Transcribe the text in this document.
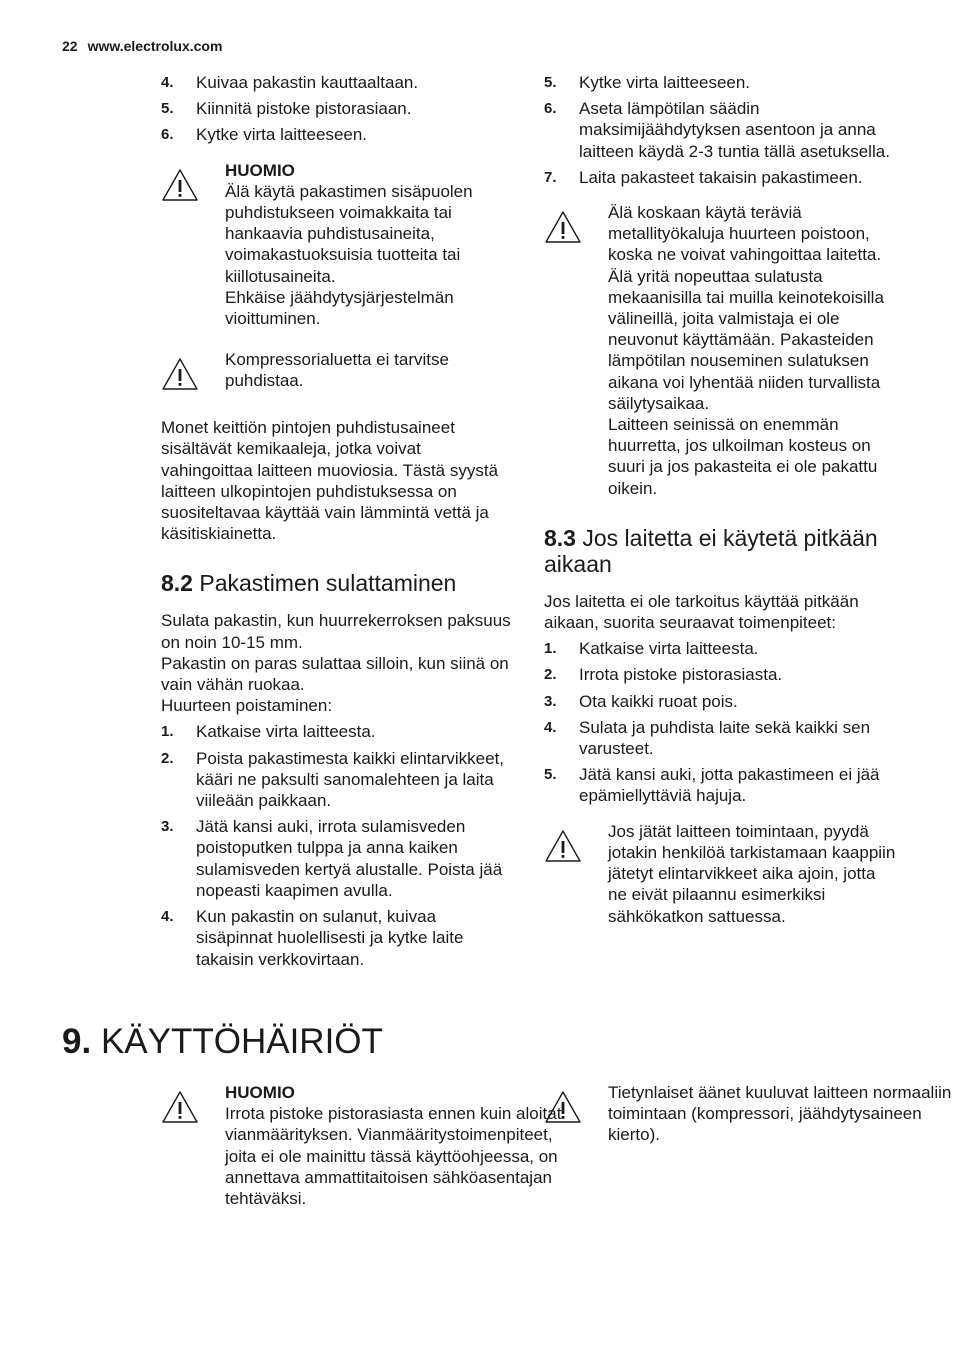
22 www.electrolux.com
4. Kuivaa pakastin kauttaaltaan.
5. Kiinnitä pistoke pistorasiaan.
6. Kytke virta laitteeseen.

HUOMIO

Älä käytä pakastimen sisäpuolen puhdistukseen voimakkaita tai hankaavia puhdistusaineita, voimakastuoksuisia tuotteita tai kiillotusaineita.

Ehkäise jäähdytysjärjestelmän vioittuminen.

Kompressorialuetta ei tarvitse puhdistaa.

Monet keittiön pintojen puhdistusaineet sisältävät kemikaaleja, jotka voivat vahingoittaa laitteen muoviosia. Tästä syystä laitteen ulkopintojen puhdistuksessa on suositeltavaa käyttää vain lämmintä vettä ja käsitiskiainetta.

8.2 Pakastimen sulattaminen

Sulata pakastin, kun huurrekerroksen paksuus on noin 10-15 mm.

Pakastin on paras sulattaa silloin, kun siinä on vain vähän ruokaa.

Huurteen poistaminen:

1. Katkaise virta laitteesta.
2. Poista pakastimesta kaikki elintarvikkeet, kääri ne paksulti sanomalehteen ja laita viileään paikkaan.
3. Jätä kansi auki, irrota sulamisveden poistoputken tulppa ja anna kaiken sulamisveden kertyä alustalle. Poista jää nopeasti kaapimen avulla.
4. Kun pakastin on sulanut, kuivaa sisäpinnat huolellisesti ja kytke laite takaisin verkkovirtaan.
5. Kytke virta laitteeseen.
6. Aseta lämpötilan säädin maksimijäähdytyksen asentoon ja anna laitteen käydä 2-3 tuntia tällä asetuksella.
7. Laita pakasteet takaisin pakastimeen.

Älä koskaan käytä teräviä metallityökaluja huurteen poistoon, koska ne voivat vahingoittaa laitetta. Älä yritä nopeuttaa sulatusta mekaanisilla tai muilla keinotekoisilla välineillä, joita valmistaja ei ole neuvonut käyttämään. Pakasteiden lämpötilan nouseminen sulatuksen aikana voi lyhentää niiden turvallista säilytysaikaa.

Laitteen seinissä on enemmän huurretta, jos ulkoilman kosteus on suuri ja jos pakasteita ei ole pakattu oikein.

8.3 Jos laitetta ei käytetä pitkään aikaan

Jos laitetta ei ole tarkoitus käyttää pitkään aikaan, suorita seuraavat toimenpiteet:

1. Katkaise virta laitteesta.
2. Irrota pistoke pistorasiasta.
3. Ota kaikki ruoat pois.
4. Sulata ja puhdista laite sekä kaikki sen varusteet.
5. Jätä kansi auki, jotta pakastimeen ei jää epämiellyttäviä hajuja.

Jos jätät laitteen toimintaan, pyydä jotakin henkilöä tarkistamaan kaappiin jätetyt elintarvikkeet aika ajoin, jotta ne eivät pilaannu esimerkiksi sähkökatkon sattuessa.

9. KÄYTTÖHÄIRIÖT

HUOMIO

Irrota pistoke pistorasiasta ennen kuin aloitat vianmäärityksen. Vianmääritystoimenpiteet, joita ei ole mainittu tässä käyttöohjeessa, on annettava ammattitaitoisen sähköasentajan tehtäväksi.

Tietynlaiset äänet kuuluvat laitteen normaaliin toimintaan (kompressori, jäähdytysaineen kierto).
